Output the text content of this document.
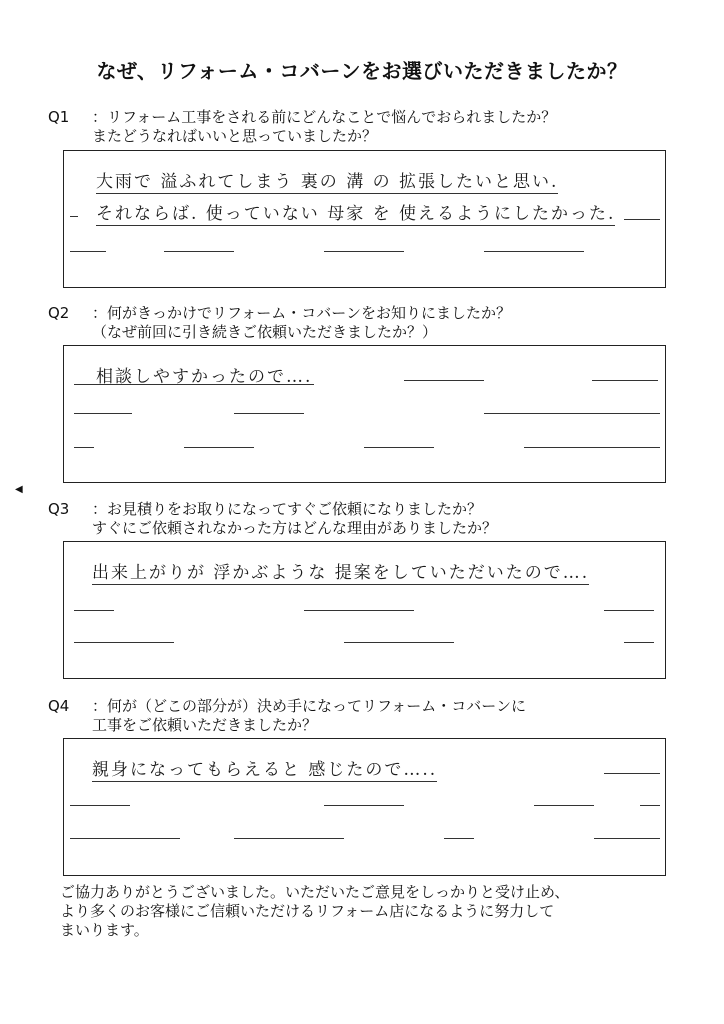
なぜ、リフォーム・コバーンをお選びいただきましたか？
Q1 ：リフォーム工事をされる前にどんなことで悩んでおられましたか？
またどうなればいいと思っていましたか？
大雨で 溢ふれてしまう 裏の 溝 の 拡張したいと思い.
それならば. 使っていない 母家 を 使えるようにしたかった.
Q2 ：何がきっかけでリフォーム・コバーンをお知りにましたか？
（なぜ前回に引き続きご依頼いただきましたか？）
相談しやすかったので….
◀
Q3 ：お見積りをお取りになってすぐご依頼になりましたか？
すぐにご依頼されなかった方はどんな理由がありましたか？
出来上がりが 浮かぶような 提案をしていただいたので….
Q4 ：何が（どこの部分が）決め手になってリフォーム・コバーンに
工事をご依頼いただきましたか？
親身になってもらえると 感じたので…..
ご協力ありがとうございました。いただいたご意見をしっかりと受け止め、
より多くのお客様にご信頼いただけるリフォーム店になるように努力して
まいります。
